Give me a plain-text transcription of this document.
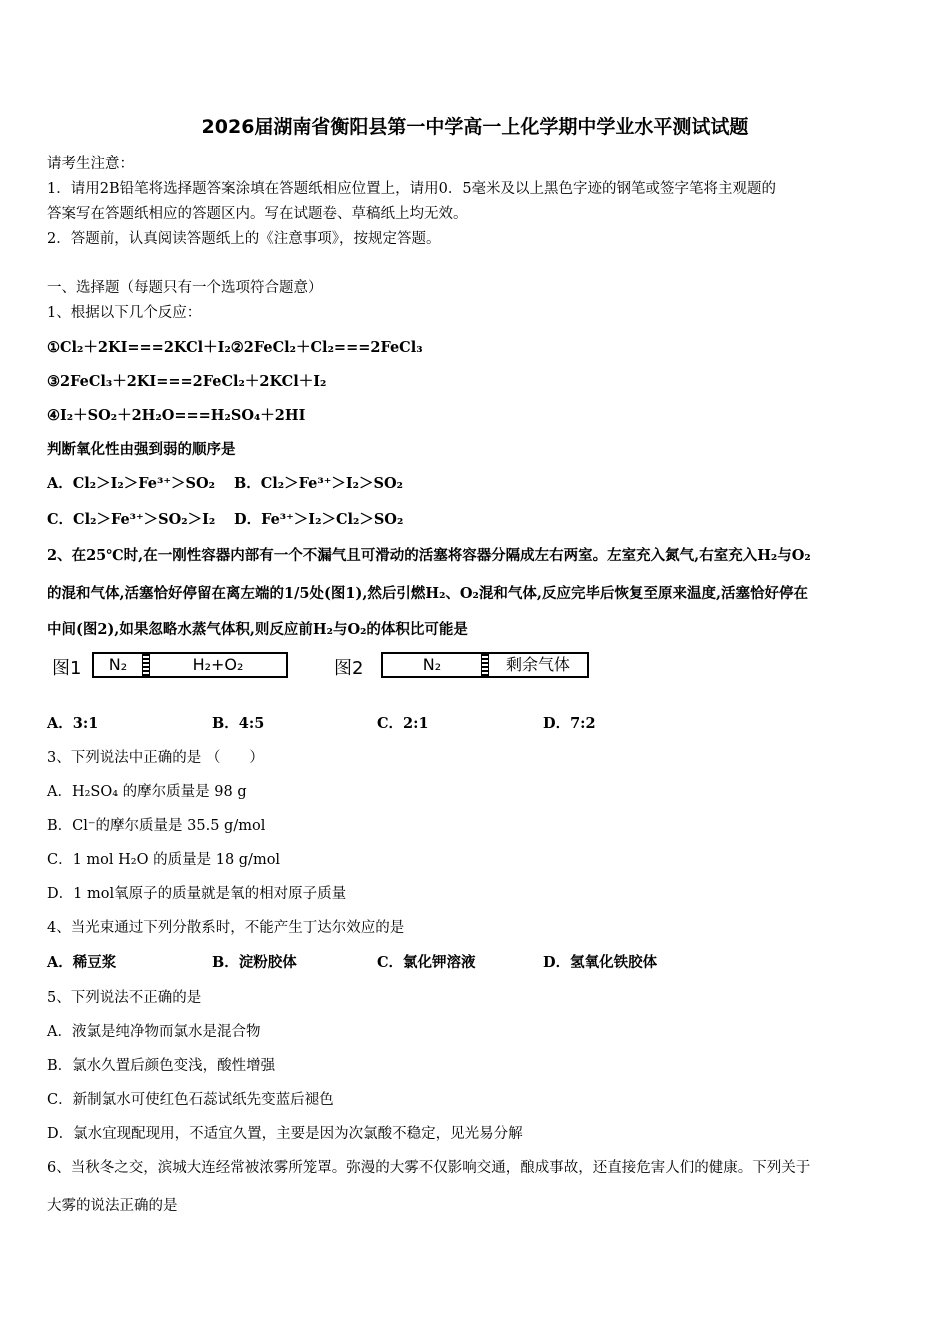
2026届湖南省衡阳县第一中学高一上化学期中学业水平测试试题
请考生注意：
1．请用2B铅笔将选择题答案涂填在答题纸相应位置上，请用0．5毫米及以上黑色字迹的钢笔或签字笔将主观题的
答案写在答题纸相应的答题区内。写在试题卷、草稿纸上均无效。
2．答题前，认真阅读答题纸上的《注意事项》，按规定答题。
一、选择题（每题只有一个选项符合题意）
1、根据以下几个反应：
①Cl₂＋2KI===2KCl＋I₂②2FeCl₂＋Cl₂===2FeCl₃
③2FeCl₃＋2KI===2FeCl₂＋2KCl＋I₂
④I₂＋SO₂＋2H₂O===H₂SO₄＋2HI
判断氧化性由强到弱的顺序是
A．Cl₂＞I₂＞Fe³⁺＞SO₂ B．Cl₂＞Fe³⁺＞I₂＞SO₂
C．Cl₂＞Fe³⁺＞SO₂＞I₂ D．Fe³⁺＞I₂＞Cl₂＞SO₂
2、在25℃时,在一刚性容器内部有一个不漏气且可滑动的活塞将容器分隔成左右两室。左室充入氮气,右室充入H₂与O₂
的混和气体,活塞恰好停留在离左端的1/5处(图1),然后引燃H₂、O₂混和气体,反应完毕后恢复至原来温度,活塞恰好停在
中间(图2),如果忽略水蒸气体积,则反应前H₂与O₂的体积比可能是
图1	N₂	H₂+O₂	图2	N₂	剩余气体
A．3:1	B．4:5	C．2:1	D．7:2
3、下列说法中正确的是 （　　）
A．H₂SO₄ 的摩尔质量是 98 g
B．Cl⁻的摩尔质量是 35.5 g/mol
C．1 mol H₂O 的质量是 18 g/mol
D．1 mol氧原子的质量就是氧的相对原子质量
4、当光束通过下列分散系时，不能产生丁达尔效应的是
A．稀豆浆	B．淀粉胶体	C．氯化钾溶液	D．氢氧化铁胶体
5、下列说法不正确的是
A．液氯是纯净物而氯水是混合物
B．氯水久置后颜色变浅，酸性增强
C．新制氯水可使红色石蕊试纸先变蓝后褪色
D．氯水宜现配现用，不适宜久置，主要是因为次氯酸不稳定，见光易分解
6、当秋冬之交，滨城大连经常被浓雾所笼罩。弥漫的大雾不仅影响交通，酿成事故，还直接危害人们的健康。下列关于
大雾的说法正确的是
